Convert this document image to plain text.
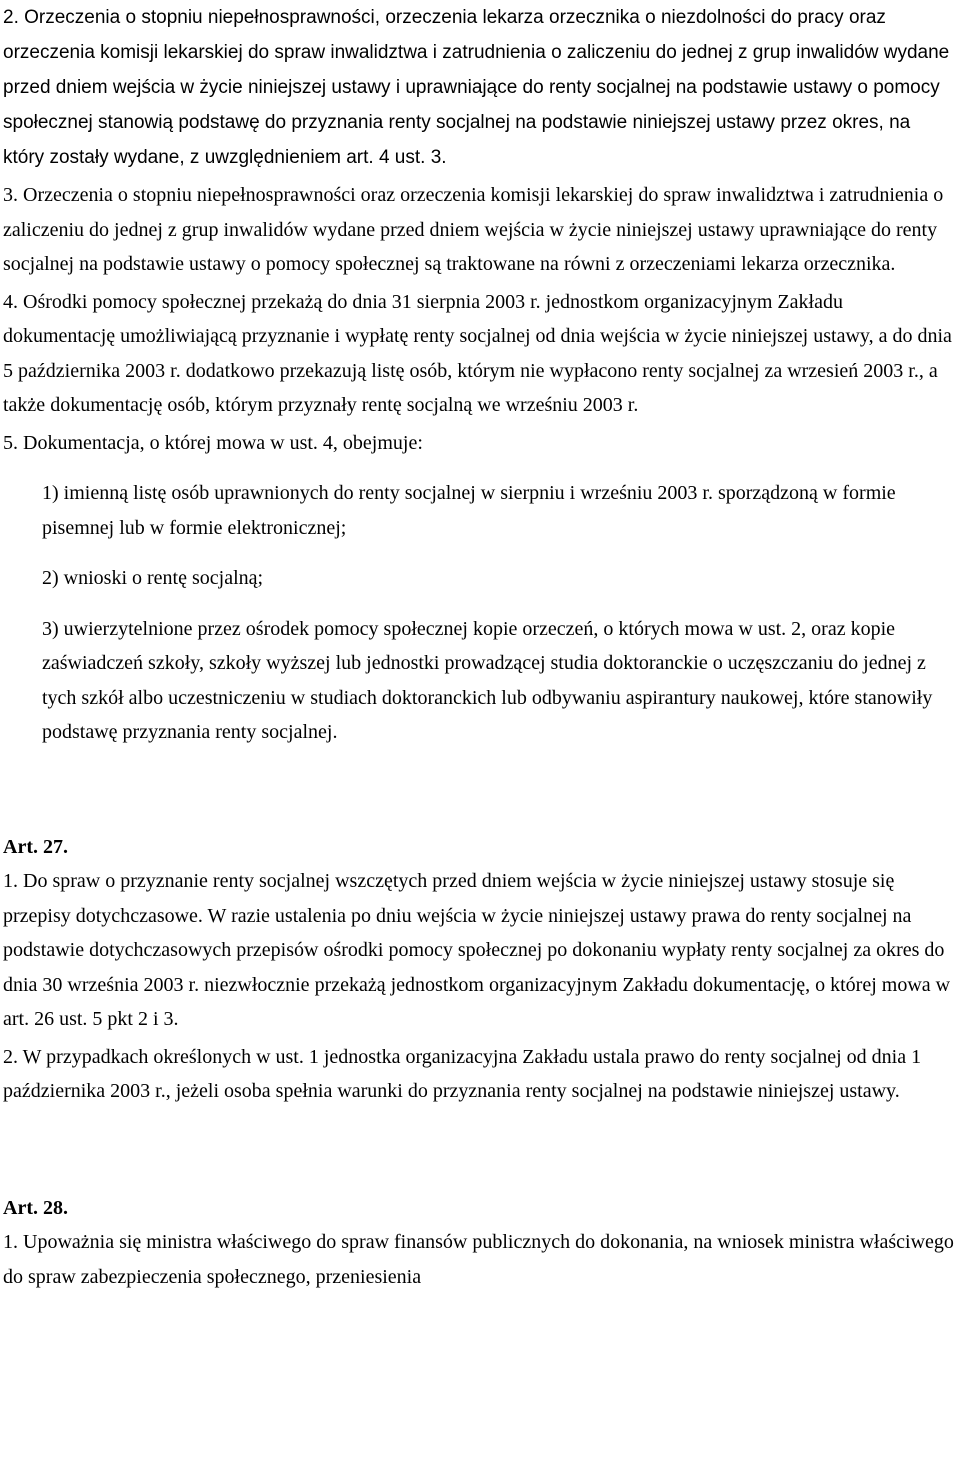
2. Orzeczenia o stopniu niepełnosprawności, orzeczenia lekarza orzecznika o niezdolności do pracy oraz orzeczenia komisji lekarskiej do spraw inwalidztwa i zatrudnienia o zaliczeniu do jednej z grup inwalidów wydane przed dniem wejścia w życie niniejszej ustawy i uprawniające do renty socjalnej na podstawie ustawy o pomocy społecznej stanowią podstawę do przyznania renty socjalnej na podstawie niniejszej ustawy przez okres, na który zostały wydane, z uwzględnieniem art. 4 ust. 3.

3. Orzeczenia o stopniu niepełnosprawności oraz orzeczenia komisji lekarskiej do spraw inwalidztwa i zatrudnienia o zaliczeniu do jednej z grup inwalidów wydane przed dniem wejścia w życie niniejszej ustawy uprawniające do renty socjalnej na podstawie ustawy o pomocy społecznej są traktowane na równi z orzeczeniami lekarza orzecznika.

4. Ośrodki pomocy społecznej przekażą do dnia 31 sierpnia 2003 r. jednostkom organizacyjnym Zakładu dokumentację umożliwiającą przyznanie i wypłatę renty socjalnej od dnia wejścia w życie niniejszej ustawy, a do dnia 5 października 2003 r. dodatkowo przekazują listę osób, którym nie wypłacono renty socjalnej za wrzesień 2003 r., a także dokumentację osób, którym przyznały rentę socjalną we wrześniu 2003 r.

5. Dokumentacja, o której mowa w ust. 4, obejmuje:

1) imienną listę osób uprawnionych do renty socjalnej w sierpniu i wrześniu 2003 r. sporządzoną w formie pisemnej lub w formie elektronicznej;

2) wnioski o rentę socjalną;

3) uwierzytelnione przez ośrodek pomocy społecznej kopie orzeczeń, o których mowa w ust. 2, oraz kopie zaświadczeń szkoły, szkoły wyższej lub jednostki prowadzącej studia doktoranckie o uczęszczaniu do jednej z tych szkół albo uczestniczeniu w studiach doktoranckich lub odbywaniu aspirantury naukowej, które stanowiły podstawę przyznania renty socjalnej.

Art. 27.

1. Do spraw o przyznanie renty socjalnej wszczętych przed dniem wejścia w życie niniejszej ustawy stosuje się przepisy dotychczasowe. W razie ustalenia po dniu wejścia w życie niniejszej ustawy prawa do renty socjalnej na podstawie dotychczasowych przepisów ośrodki pomocy społecznej po dokonaniu wypłaty renty socjalnej za okres do dnia 30 września 2003 r. niezwłocznie przekażą jednostkom organizacyjnym Zakładu dokumentację, o której mowa w art. 26 ust. 5 pkt 2 i 3.

2. W przypadkach określonych w ust. 1 jednostka organizacyjna Zakładu ustala prawo do renty socjalnej od dnia 1 października 2003 r., jeżeli osoba spełnia warunki do przyznania renty socjalnej na podstawie niniejszej ustawy.

Art. 28.

1. Upoważnia się ministra właściwego do spraw finansów publicznych do dokonania, na wniosek ministra właściwego do spraw zabezpieczenia społecznego, przeniesienia
